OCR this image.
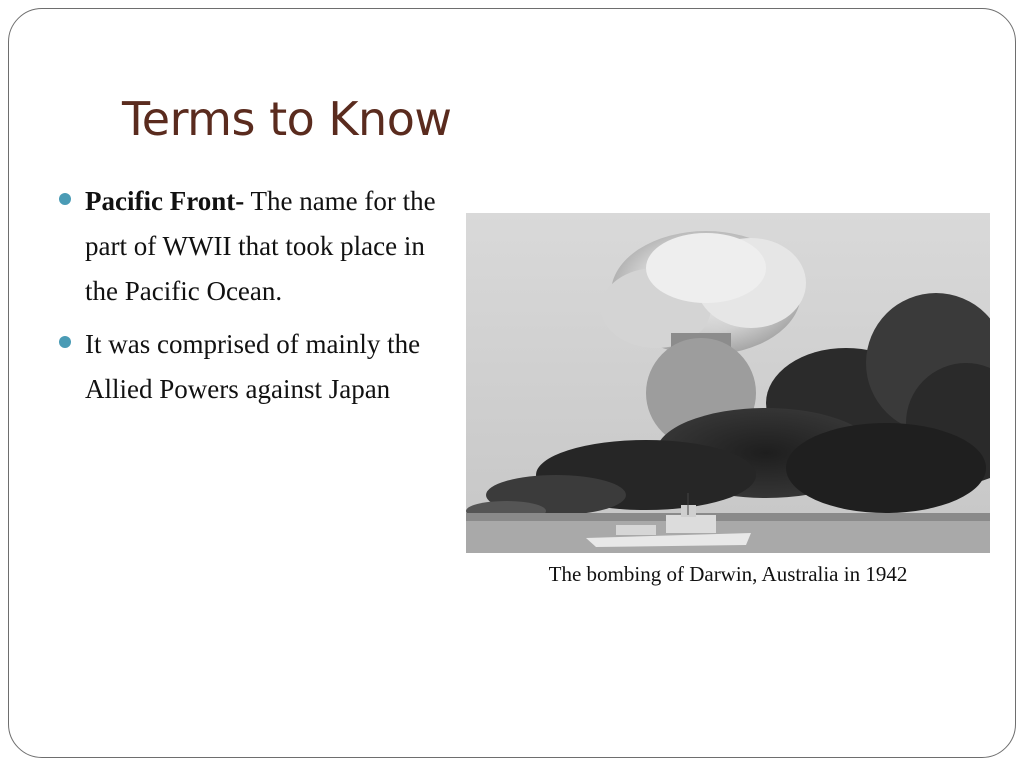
Terms to Know
Pacific Front- The name for the part of WWII that took place in the Pacific Ocean.
It was comprised of mainly the Allied Powers against Japan
The bombing of Darwin, Australia in 1942
